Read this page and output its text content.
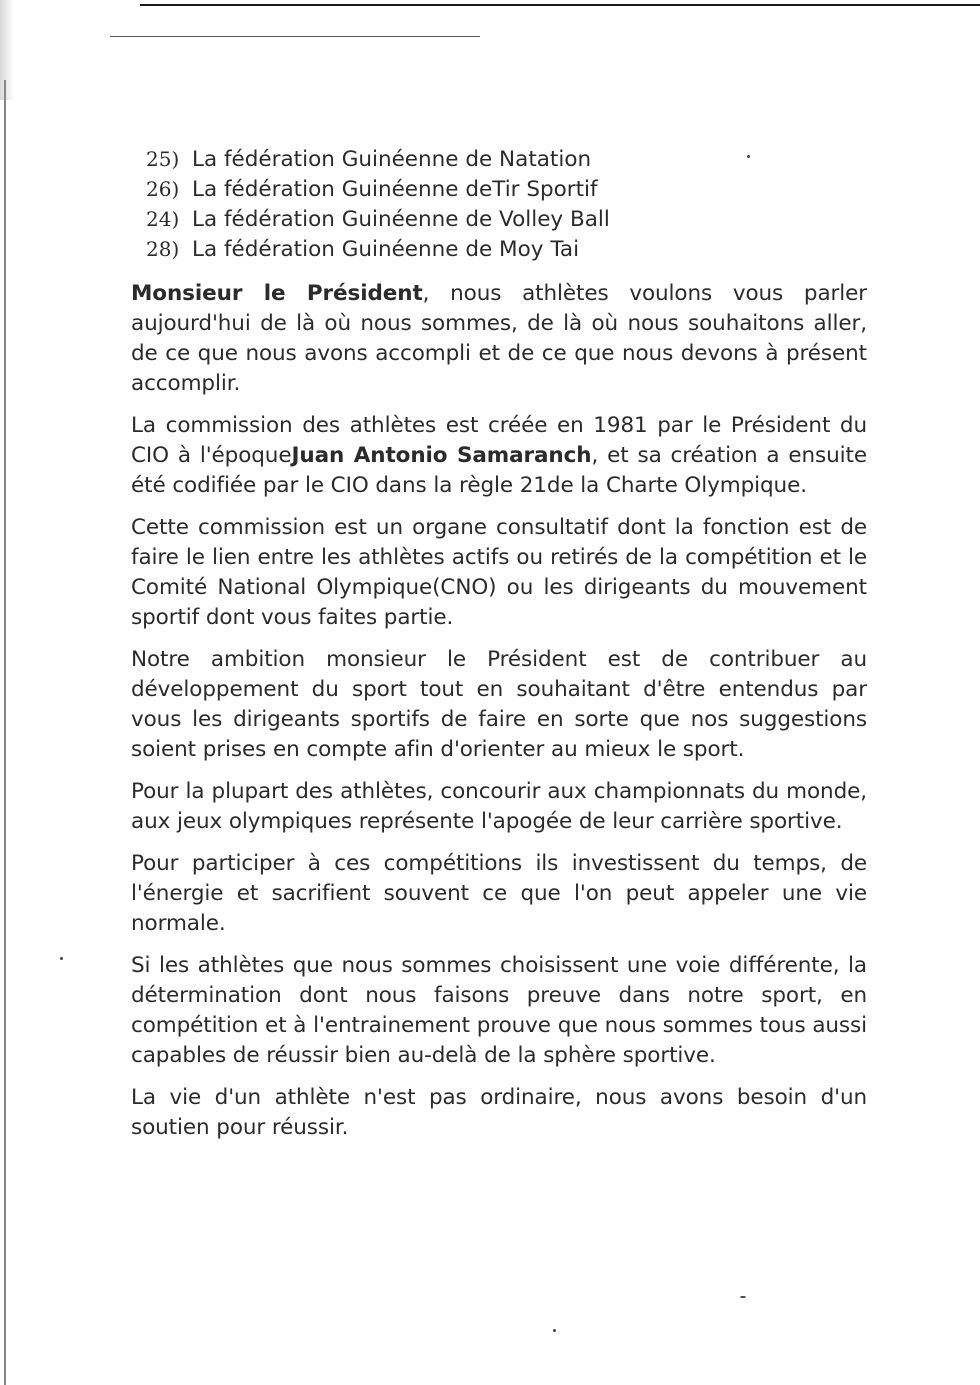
25) La fédération Guinéenne de Natation
26) La fédération Guinéenne deTir Sportif
24) La fédération Guinéenne de Volley Ball
28) La fédération Guinéenne de Moy Tai

Monsieur le Président, nous athlètes voulons vous parler aujourd'hui de là où nous sommes, de là où nous souhaitons aller, de ce que nous avons accompli et de ce que nous devons à présent accomplir.

La commission des athlètes est créée en 1981 par le Président du CIO à l'époqueJuan Antonio Samaranch, et sa création a ensuite été codifiée par le CIO dans la règle 21de la Charte Olympique.

Cette commission est un organe consultatif dont la fonction est de faire le lien entre les athlètes actifs ou retirés de la compétition et le Comité National Olympique(CNO) ou les dirigeants du mouvement sportif dont vous faites partie.

Notre ambition monsieur le Président est de contribuer au développement du sport tout en souhaitant d'être entendus par vous les dirigeants sportifs de faire en sorte que nos suggestions soient prises en compte afin d'orienter au mieux le sport.

Pour la plupart des athlètes, concourir aux championnats du monde, aux jeux olympiques représente l'apogée de leur carrière sportive.

Pour participer à ces compétitions ils investissent du temps, de l'énergie et sacrifient souvent ce que l'on peut appeler une vie normale.

Si les athlètes que nous sommes choisissent une voie différente, la détermination dont nous faisons preuve dans notre sport, en compétition et à l'entrainement prouve que nous sommes tous aussi capables de réussir bien au-delà de la sphère sportive.

La vie d'un athlète n'est pas ordinaire, nous avons besoin d'un soutien pour réussir.
